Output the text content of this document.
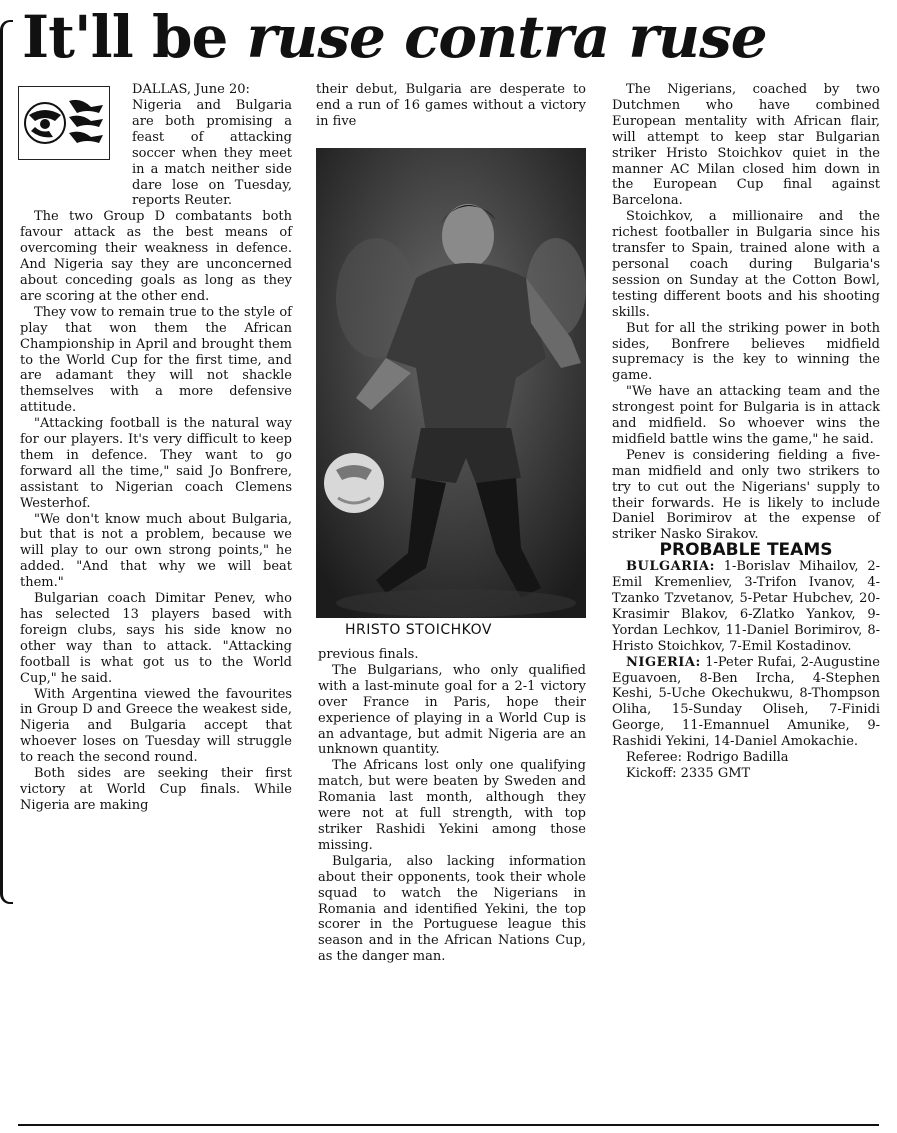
It'll be ruse contra ruse

DALLAS, June 20:

Nigeria and Bulgaria are both promising a feast of attacking soccer when they meet in a match neither side dare lose on Tuesday, reports Reuter.

The two Group D combatants both favour attack as the best means of overcoming their weakness in defence. And Nigeria say they are unconcerned about conceding goals as long as they are scoring at the other end.

They vow to remain true to the style of play that won them the African Championship in April and brought them to the World Cup for the first time, and are adamant they will not shackle themselves with a more defensive attitude.

"Attacking football is the natural way for our players. It's very difficult to keep them in defence. They want to go forward all the time," said Jo Bonfrere, assistant to Nigerian coach Clemens Westerhof.

"We don't know much about Bulgaria, but that is not a problem, because we will play to our own strong points," he added. "And that why we will beat them."

Bulgarian coach Dimitar Penev, who has selected 13 players based with foreign clubs, says his side know no other way than to attack. "Attacking football is what got us to the World Cup," he said.

With Argentina viewed the favourites in Group D and Greece the weakest side, Nigeria and Bulgaria accept that whoever loses on Tuesday will struggle to reach the second round.

Both sides are seeking their first victory at World Cup finals. While Nigeria are making

their debut, Bulgaria are desperate to end a run of 16 games without a victory in five

HRISTO STOICHKOV

previous finals.

The Bulgarians, who only qualified with a last-minute goal for a 2-1 victory over France in Paris, hope their experience of playing in a World Cup is an advantage, but admit Nigeria are an unknown quantity.

The Africans lost only one qualifying match, but were beaten by Sweden and Romania last month, although they were not at full strength, with top striker Rashidi Yekini among those missing.

Bulgaria, also lacking information about their opponents, took their whole squad to watch the Nigerians in Romania and identified Yekini, the top scorer in the Portuguese league this season and in the African Nations Cup, as the danger man.

The Nigerians, coached by two Dutchmen who have combined European mentality with African flair, will attempt to keep star Bulgarian striker Hristo Stoichkov quiet in the manner AC Milan closed him down in the European Cup final against Barcelona.

Stoichkov, a millionaire and the richest footballer in Bulgaria since his transfer to Spain, trained alone with a personal coach during Bulgaria's session on Sunday at the Cotton Bowl, testing different boots and his shooting skills.

But for all the striking power in both sides, Bonfrere believes midfield supremacy is the key to winning the game.

"We have an attacking team and the strongest point for Bulgaria is in attack and midfield. So whoever wins the midfield battle wins the game," he said.

Penev is considering fielding a five-man midfield and only two strikers to try to cut out the Nigerians' supply to their forwards. He is likely to include Daniel Borimirov at the expense of striker Nasko Sirakov.

PROBABLE TEAMS

BULGARIA: 1-Borislav Mihailov, 2-Emil Kremenliev, 3-Trifon Ivanov, 4-Tzanko Tzvetanov, 5-Petar Hubchev, 20-Krasimir Blakov, 6-Zlatko Yankov, 9-Yordan Lechkov, 11-Daniel Borimirov, 8-Hristo Stoichkov, 7-Emil Kostadinov.

NIGERIA: 1-Peter Rufai, 2-Augustine Eguavoen, 8-Ben Ircha, 4-Stephen Keshi, 5-Uche Okechukwu, 8-Thompson Oliha, 15-Sunday Oliseh, 7-Finidi George, 11-Emannuel Amunike, 9-Rashidi Yekini, 14-Daniel Amokachie.

Referee: Rodrigo Badilla

Kickoff: 2335 GMT
